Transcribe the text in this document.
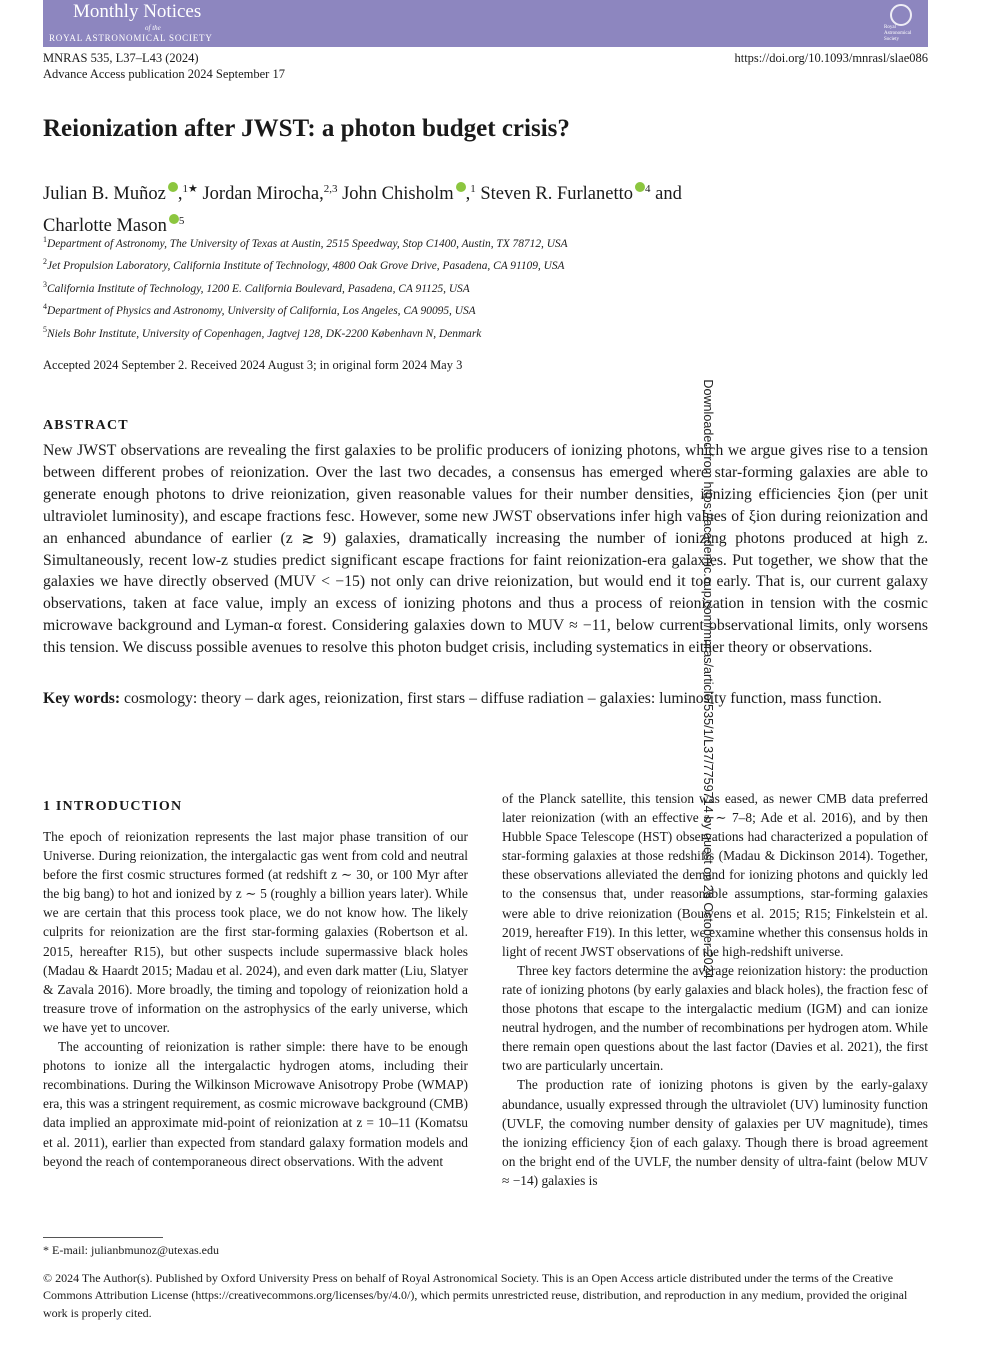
Monthly Notices
of the
ROYAL ASTRONOMICAL SOCIETY
Royal Astronomical Society
MNRAS 535, L37–L43 (2024)
Advance Access publication 2024 September 17
https://doi.org/10.1093/mnrasl/slae086
Reionization after JWST: a photon budget crisis?
Julian B. Muñoz ,$^{1★}$ Jordan Mirocha,$^{2,3}$ John Chisholm ,$^1$ Steven R. Furlanetto $^4$ and
Charlotte Mason $^5$
$^1$Department of Astronomy, The University of Texas at Austin, 2515 Speedway, Stop C1400, Austin, TX 78712, USA
$^2$Jet Propulsion Laboratory, California Institute of Technology, 4800 Oak Grove Drive, Pasadena, CA 91109, USA
$^3$California Institute of Technology, 1200 E. California Boulevard, Pasadena, CA 91125, USA
$^4$Department of Physics and Astronomy, University of California, Los Angeles, CA 90095, USA
$^5$Niels Bohr Institute, University of Copenhagen, Jagtvej 128, DK-2200 København N, Denmark
Accepted 2024 September 2. Received 2024 August 3; in original form 2024 May 3
ABSTRACT
New JWST observations are revealing the first galaxies to be prolific producers of ionizing photons, which we argue gives rise to a tension between different probes of reionization. Over the last two decades, a consensus has emerged where star-forming galaxies are able to generate enough photons to drive reionization, given reasonable values for their number densities, ionizing efficiencies ξion (per unit ultraviolet luminosity), and escape fractions fesc. However, some new JWST observations infer high values of ξion during reionization and an enhanced abundance of earlier (z ≳ 9) galaxies, dramatically increasing the number of ionizing photons produced at high z. Simultaneously, recent low-z studies predict significant escape fractions for faint reionization-era galaxies. Put together, we show that the galaxies we have directly observed (MUV < −15) not only can drive reionization, but would end it too early. That is, our current galaxy observations, taken at face value, imply an excess of ionizing photons and thus a process of reionization in tension with the cosmic microwave background and Lyman-α forest. Considering galaxies down to MUV ≈ −11, below current observational limits, only worsens this tension. We discuss possible avenues to resolve this photon budget crisis, including systematics in either theory or observations.
Key words: cosmology: theory – dark ages, reionization, first stars – diffuse radiation – galaxies: luminosity function, mass function.
1 INTRODUCTION

The epoch of reionization represents the last major phase transition of our Universe. During reionization, the intergalactic gas went from cold and neutral before the first cosmic structures formed (at redshift z ∼ 30, or 100 Myr after the big bang) to hot and ionized by z ∼ 5 (roughly a billion years later). While we are certain that this process took place, we do not know how. The likely culprits for reionization are the first star-forming galaxies (Robertson et al. 2015, hereafter R15), but other suspects include supermassive black holes (Madau & Haardt 2015; Madau et al. 2024), and even dark matter (Liu, Slatyer & Zavala 2016). More broadly, the timing and topology of reionization hold a treasure trove of information on the astrophysics of the early universe, which we have yet to uncover.

The accounting of reionization is rather simple: there have to be enough photons to ionize all the intergalactic hydrogen atoms, including their recombinations. During the Wilkinson Microwave Anisotropy Probe (WMAP) era, this was a stringent requirement, as cosmic microwave background (CMB) data implied an approximate mid-point of reionization at z = 10–11 (Komatsu et al. 2011), earlier than expected from standard galaxy formation models and beyond the reach of contemporaneous direct observations. With the advent

of the Planck satellite, this tension was eased, as newer CMB data preferred later reionization (with an effective z ∼ 7–8; Ade et al. 2016), and by then Hubble Space Telescope (HST) observations had characterized a population of star-forming galaxies at those redshifts (Madau & Dickinson 2014). Together, these observations alleviated the demand for ionizing photons and quickly led to the consensus that, under reasonable assumptions, star-forming galaxies were able to drive reionization (Bouwens et al. 2015; R15; Finkelstein et al. 2019, hereafter F19). In this letter, we examine whether this consensus holds in light of recent JWST observations of the high-redshift universe.

Three key factors determine the average reionization history: the production rate of ionizing photons (by early galaxies and black holes), the fraction fesc of those photons that escape to the intergalactic medium (IGM) and can ionize neutral hydrogen, and the number of recombinations per hydrogen atom. While there remain open questions about the last factor (Davies et al. 2021), the first two are particularly uncertain.

The production rate of ionizing photons is given by the early-galaxy abundance, usually expressed through the ultraviolet (UV) luminosity function (UVLF, the comoving number density of galaxies per UV magnitude), times the ionizing efficiency ξion of each galaxy. Though there is broad agreement on the bright end of the UVLF, the number density of ultra-faint (below MUV ≈ −14) galaxies is

* E-mail: julianbmunoz@utexas.edu
© 2024 The Author(s). Published by Oxford University Press on behalf of Royal Astronomical Society. This is an Open Access article distributed under the terms of the Creative Commons Attribution License (https://creativecommons.org/licenses/by/4.0/), which permits unrestricted reuse, distribution, and reproduction in any medium, provided the original work is properly cited.
Downloaded from https://academic.oup.com/mnras/article/535/1/L37/7759714 by guest on 28 October 2024
